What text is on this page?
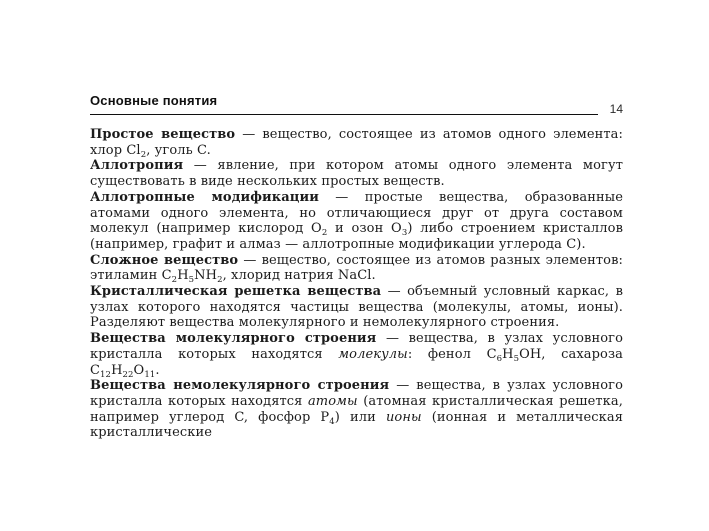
Основные понятия
14

Простое вещество — вещество, состоящее из атомов одного элемента: хлор $Cl_2$, уголь C.

Аллотропия — явление, при котором атомы одного элемента могут существовать в виде нескольких простых веществ.

Аллотропные модификации — простые вещества, образованные атомами одного элемента, но отличающиеся друг от друга составом молекул (например кислород $O_2$ и озон $O_3$) либо строением кристаллов (например, графит и алмаз — аллотропные модификации углерода C).

Сложное вещество — вещество, состоящее из атомов разных элементов: этиламин $C_2H_5NH_2$, хлорид натрия NaCl.

Кристаллическая решетка вещества — объемный условный каркас, в узлах которого находятся частицы вещества (молекулы, атомы, ионы). Разделяют вещества молекулярного и немолекулярного строения.

Вещества молекулярного строения — вещества, в узлах условного кристалла которых находятся молекулы: фенол $C_6H_5OH$, сахароза $C_{12}H_{22}O_{11}$.

Вещества немолекулярного строения — вещества, в узлах условного кристалла которых находятся атомы (атомная кристаллическая решетка, например углерод C, фосфор $P_4$) или ионы (ионная и металлическая кристаллические
